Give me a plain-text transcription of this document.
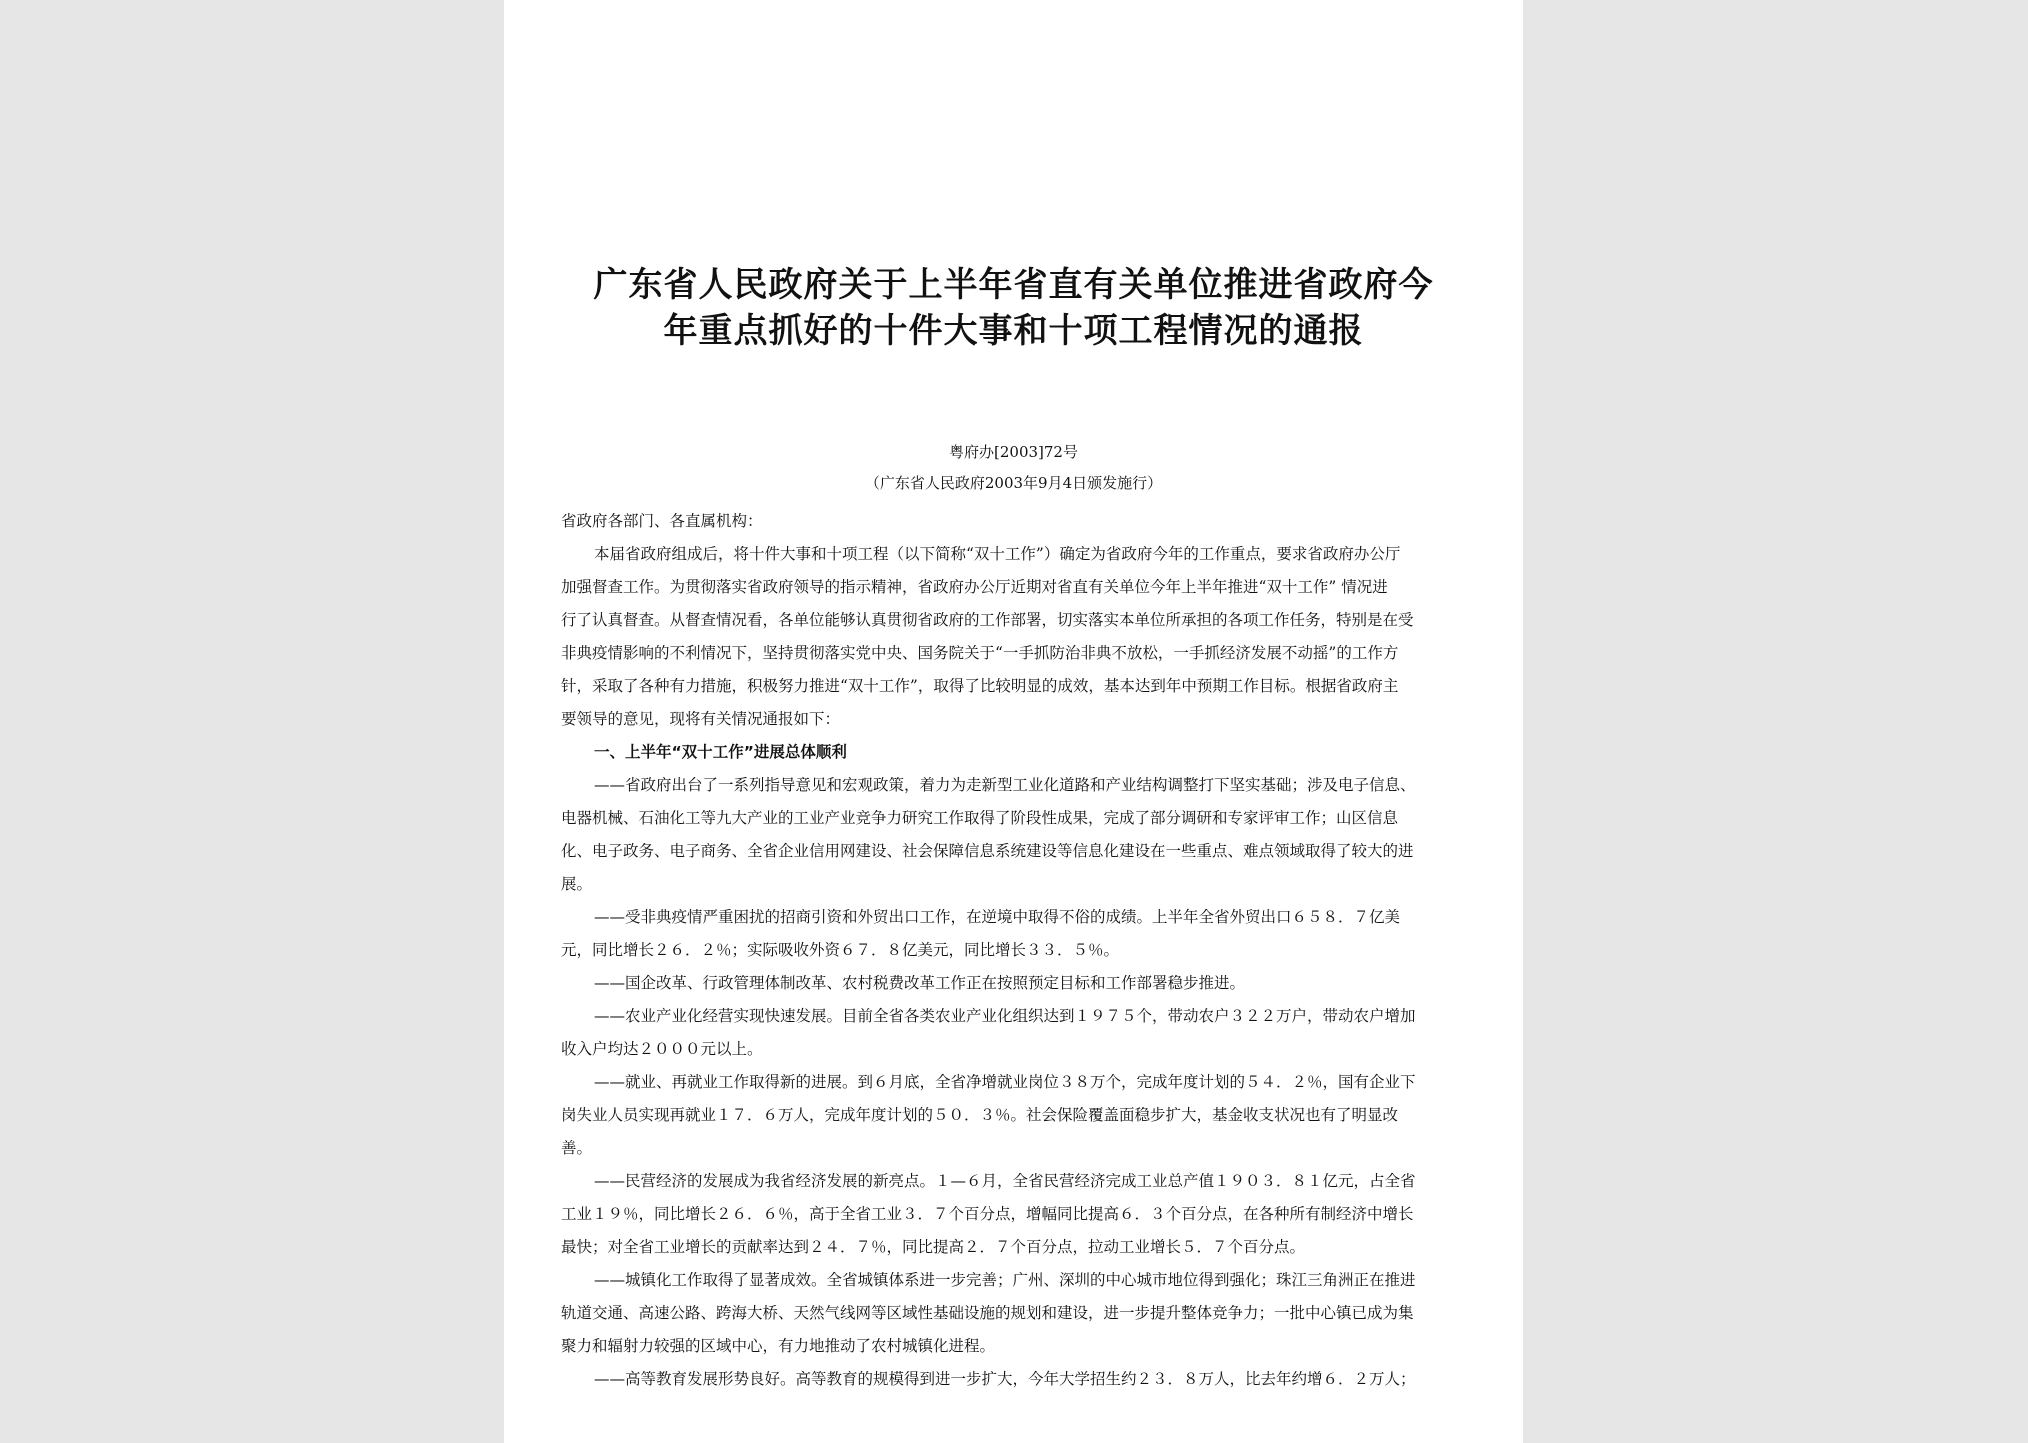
广东省人民政府关于上半年省直有关单位推进省政府今
年重点抓好的十件大事和十项工程情况的通报
粤府办[2003]72号
（广东省人民政府2003年9月4日颁发施行）
省政府各部门、各直属机构：
本届省政府组成后，将十件大事和十项工程（以下简称“双十工作”）确定为省政府今年的工作重点，要求省政府办公厅
加强督查工作。为贯彻落实省政府领导的指示精神，省政府办公厅近期对省直有关单位今年上半年推进“双十工作” 情况进
行了认真督查。从督查情况看，各单位能够认真贯彻省政府的工作部署，切实落实本单位所承担的各项工作任务，特别是在受
非典疫情影响的不利情况下，坚持贯彻落实党中央、国务院关于“一手抓防治非典不放松，一手抓经济发展不动摇”的工作方
针，采取了各种有力措施，积极努力推进“双十工作”，取得了比较明显的成效，基本达到年中预期工作目标。根据省政府主
要领导的意见，现将有关情况通报如下：
一、上半年“双十工作”进展总体顺利
——省政府出台了一系列指导意见和宏观政策，着力为走新型工业化道路和产业结构调整打下坚实基础；涉及电子信息、
电器机械、石油化工等九大产业的工业产业竞争力研究工作取得了阶段性成果，完成了部分调研和专家评审工作；山区信息
化、电子政务、电子商务、全省企业信用网建设、社会保障信息系统建设等信息化建设在一些重点、难点领域取得了较大的进
展。
——受非典疫情严重困扰的招商引资和外贸出口工作，在逆境中取得不俗的成绩。上半年全省外贸出口６５８．７亿美
元，同比增长２６．２％；实际吸收外资６７．８亿美元，同比增长３３．５％。
——国企改革、行政管理体制改革、农村税费改革工作正在按照预定目标和工作部署稳步推进。
——农业产业化经营实现快速发展。目前全省各类农业产业化组织达到１９７５个，带动农户３２２万户，带动农户增加
收入户均达２０００元以上。
——就业、再就业工作取得新的进展。到６月底，全省净增就业岗位３８万个，完成年度计划的５４．２％，国有企业下
岗失业人员实现再就业１７．６万人，完成年度计划的５０．３％。社会保险覆盖面稳步扩大，基金收支状况也有了明显改
善。
——民营经济的发展成为我省经济发展的新亮点。１—６月，全省民营经济完成工业总产值１９０３．８１亿元，占全省
工业１９％，同比增长２６．６％，高于全省工业３．７个百分点，增幅同比提高６．３个百分点，在各种所有制经济中增长
最快；对全省工业增长的贡献率达到２４．７％，同比提高２．７个百分点，拉动工业增长５．７个百分点。
——城镇化工作取得了显著成效。全省城镇体系进一步完善；广州、深圳的中心城市地位得到强化；珠江三角洲正在推进
轨道交通、高速公路、跨海大桥、天然气线网等区域性基础设施的规划和建设，进一步提升整体竞争力；一批中心镇已成为集
聚力和辐射力较强的区域中心，有力地推动了农村城镇化进程。
——高等教育发展形势良好。高等教育的规模得到进一步扩大，今年大学招生约２３．８万人，比去年约增６．２万人；
